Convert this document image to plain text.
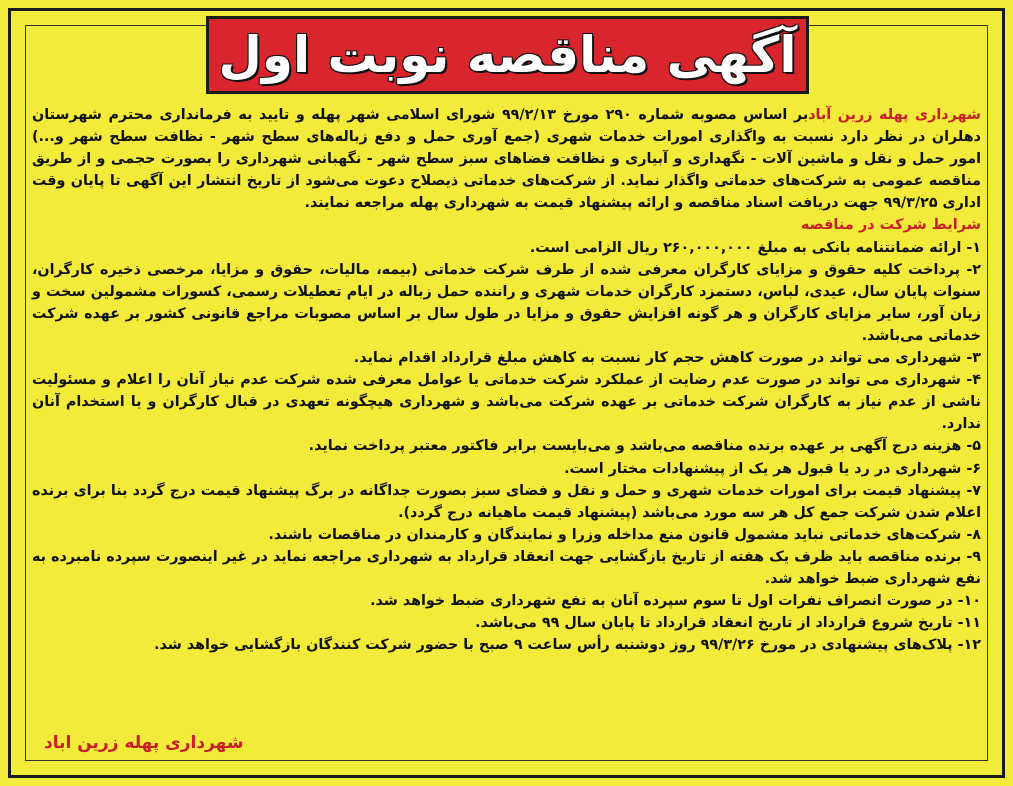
آگهی مناقصه نوبت اول

شهرداری پهله زرین آبادبر اساس مصوبه شماره ۲۹۰ مورخ ۹۹/۲/۱۳ شورای اسلامی شهر پهله و تایید به فرمانداری محترم شهرستان دهلران در نظر دارد نسبت به واگذاری امورات خدمات شهری (جمع آوری حمل و دفع زباله‌های سطح شهر - نظافت سطح شهر و...) امور حمل و نقل و ماشین آلات - نگهداری و آبیاری و نظافت فضاهای سبز سطح شهر - نگهبانی شهرداری را بصورت حجمی و از طریق مناقصه عمومی به شرکت‌های خدماتی واگذار نماید. از شرکت‌های خدماتی ذیصلاح دعوت می‌شود از تاریخ انتشار این آگهی تا پایان وقت اداری ۹۹/۳/۲۵ جهت دریافت اسناد مناقصه و ارائه پیشنهاد قیمت به شهرداری پهله مراجعه نمایند.

شرایط شرکت در مناقصه

۱- ارائه ضمانتنامه بانکی به مبلغ ۲۶۰,۰۰۰,۰۰۰ ریال الزامی است.

۲- پرداخت کلیه حقوق و مزایای کارگران معرفی شده از طرف شرکت خدماتی (بیمه، مالیات، حقوق و مزایا، مرخصی ذخیره کارگران، سنوات پایان سال، عیدی، لباس، دستمزد کارگران خدمات شهری و راننده حمل زباله در ایام تعطیلات رسمی، کسورات مشمولین سخت و زیان آور، سایر مزایای کارگران و هر گونه افزایش حقوق و مزایا در طول سال بر اساس مصوبات مراجع قانونی کشور بر عهده شرکت خدماتی می‌باشد.

۳- شهرداری می تواند در صورت کاهش حجم کار نسبت به کاهش مبلغ قرارداد اقدام نماید.

۴- شهرداری می تواند در صورت عدم رضایت از عملکرد شرکت خدماتی یا عوامل معرفی شده شرکت عدم نیاز آنان را اعلام و مسئولیت ناشی از عدم نیاز به کارگران شرکت خدماتی بر عهده شرکت می‌باشد و شهرداری هیچگونه تعهدی در قبال کارگران و یا استخدام آنان ندارد.

۵- هزینه درج آگهی بر عهده برنده مناقصه می‌باشد و می‌بایست برابر فاکتور معتبر پرداخت نماید.

۶- شهرداری در رد یا قبول هر یک از پیشنهادات مختار است.

۷- پیشنهاد قیمت برای امورات خدمات شهری و حمل و نقل و فضای سبز بصورت جداگانه در برگ پیشنهاد قیمت درج گردد بنا برای برنده اعلام شدن شرکت جمع کل هر سه مورد می‌باشد (پیشنهاد قیمت ماهیانه درج گردد).

۸- شرکت‌های خدماتی نباید مشمول قانون منع مداخله وزرا و نمایندگان و کارمندان در مناقصات باشند.

۹- برنده مناقصه باید ظرف یک هفته از تاریخ بازگشایی جهت انعقاد قرارداد به شهرداری مراجعه نماید در غیر اینصورت سپرده نامبرده به نفع شهرداری ضبط خواهد شد.

۱۰- در صورت انصراف نفرات اول تا سوم سپرده آنان به نفع شهرداری ضبط خواهد شد.

۱۱- تاریخ شروع قرارداد از تاریخ انعقاد قرارداد تا پایان سال ۹۹ می‌باشد.

۱۲- پلاک‌های پیشنهادی در مورخ ۹۹/۳/۲۶ روز دوشنبه رأس ساعت ۹ صبح با حضور شرکت کنندگان بازگشایی خواهد شد.

شهرداری پهله زرین اباد
